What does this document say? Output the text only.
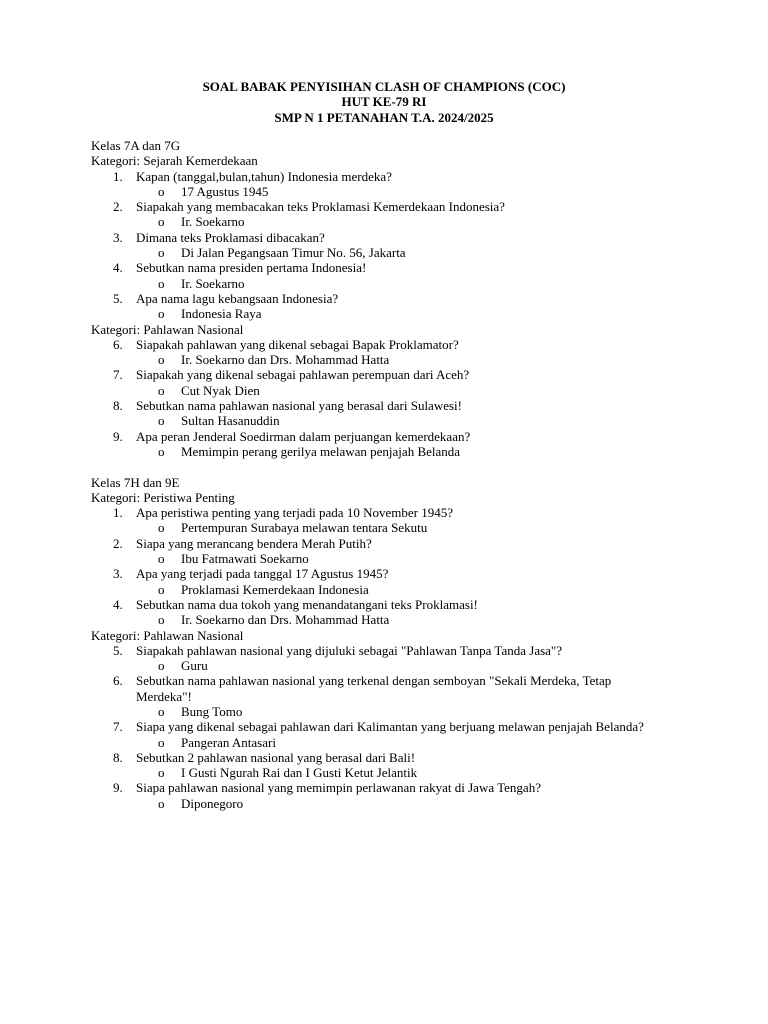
SOAL BABAK PENYISIHAN CLASH OF CHAMPIONS (COC)
HUT KE-79 RI
SMP N 1 PETANAHAN T.A. 2024/2025
Kelas 7A dan 7G
Kategori: Sejarah Kemerdekaan
1. Kapan (tanggal,bulan,tahun) Indonesia merdeka?
o 17 Agustus 1945
2. Siapakah yang membacakan teks Proklamasi Kemerdekaan Indonesia?
o Ir. Soekarno
3. Dimana teks Proklamasi dibacakan?
o Di Jalan Pegangsaan Timur No. 56, Jakarta
4. Sebutkan nama presiden pertama Indonesia!
o Ir. Soekarno
5. Apa nama lagu kebangsaan Indonesia?
o Indonesia Raya
Kategori: Pahlawan Nasional
6. Siapakah pahlawan yang dikenal sebagai Bapak Proklamator?
o Ir. Soekarno dan Drs. Mohammad Hatta
7. Siapakah yang dikenal sebagai pahlawan perempuan dari Aceh?
o Cut Nyak Dien
8. Sebutkan nama pahlawan nasional yang berasal dari Sulawesi!
o Sultan Hasanuddin
9. Apa peran Jenderal Soedirman dalam perjuangan kemerdekaan?
o Memimpin perang gerilya melawan penjajah Belanda
Kelas 7H dan 9E
Kategori: Peristiwa Penting
1. Apa peristiwa penting yang terjadi pada 10 November 1945?
o Pertempuran Surabaya melawan tentara Sekutu
2. Siapa yang merancang bendera Merah Putih?
o Ibu Fatmawati Soekarno
3. Apa yang terjadi pada tanggal 17 Agustus 1945?
o Proklamasi Kemerdekaan Indonesia
4. Sebutkan nama dua tokoh yang menandatangani teks Proklamasi!
o Ir. Soekarno dan Drs. Mohammad Hatta
Kategori: Pahlawan Nasional
5. Siapakah pahlawan nasional yang dijuluki sebagai "Pahlawan Tanpa Tanda Jasa"?
o Guru
6. Sebutkan nama pahlawan nasional yang terkenal dengan semboyan "Sekali Merdeka, Tetap Merdeka"!
o Bung Tomo
7. Siapa yang dikenal sebagai pahlawan dari Kalimantan yang berjuang melawan penjajah Belanda?
o Pangeran Antasari
8. Sebutkan 2 pahlawan nasional yang berasal dari Bali!
o I Gusti Ngurah Rai dan I Gusti Ketut Jelantik
9. Siapa pahlawan nasional yang memimpin perlawanan rakyat di Jawa Tengah?
o Diponegoro
